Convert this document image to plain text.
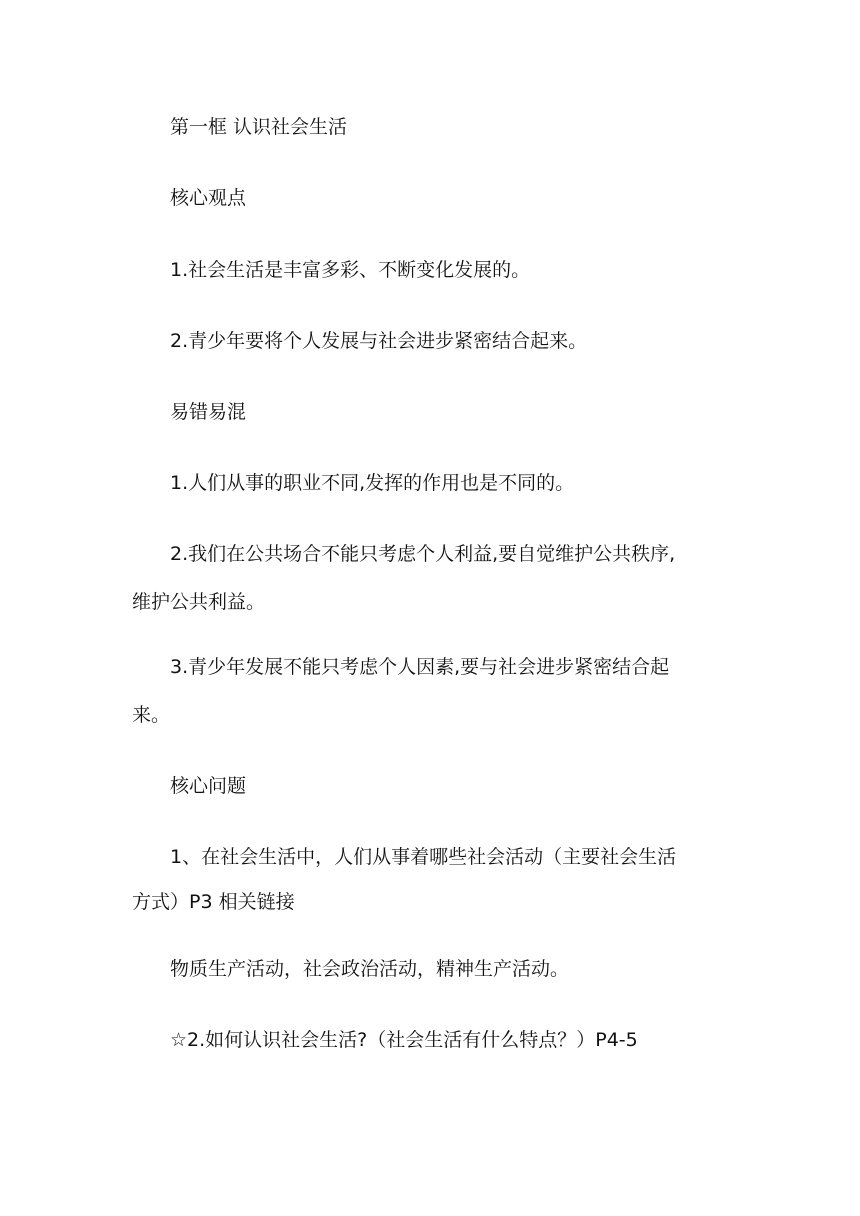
第一框 认识社会生活
核心观点
1.社会生活是丰富多彩、不断变化发展的。
2.青少年要将个人发展与社会进步紧密结合起来。
易错易混
1.人们从事的职业不同,发挥的作用也是不同的。
2.我们在公共场合不能只考虑个人利益,要自觉维护公共秩序,
维护公共利益。
3.青少年发展不能只考虑个人因素,要与社会进步紧密结合起
来。
核心问题
1、在社会生活中，人们从事着哪些社会活动（主要社会生活
方式）P3 相关链接
物质生产活动，社会政治活动，精神生产活动。
☆2.如何认识社会生活?（社会生活有什么特点？）P4-5
